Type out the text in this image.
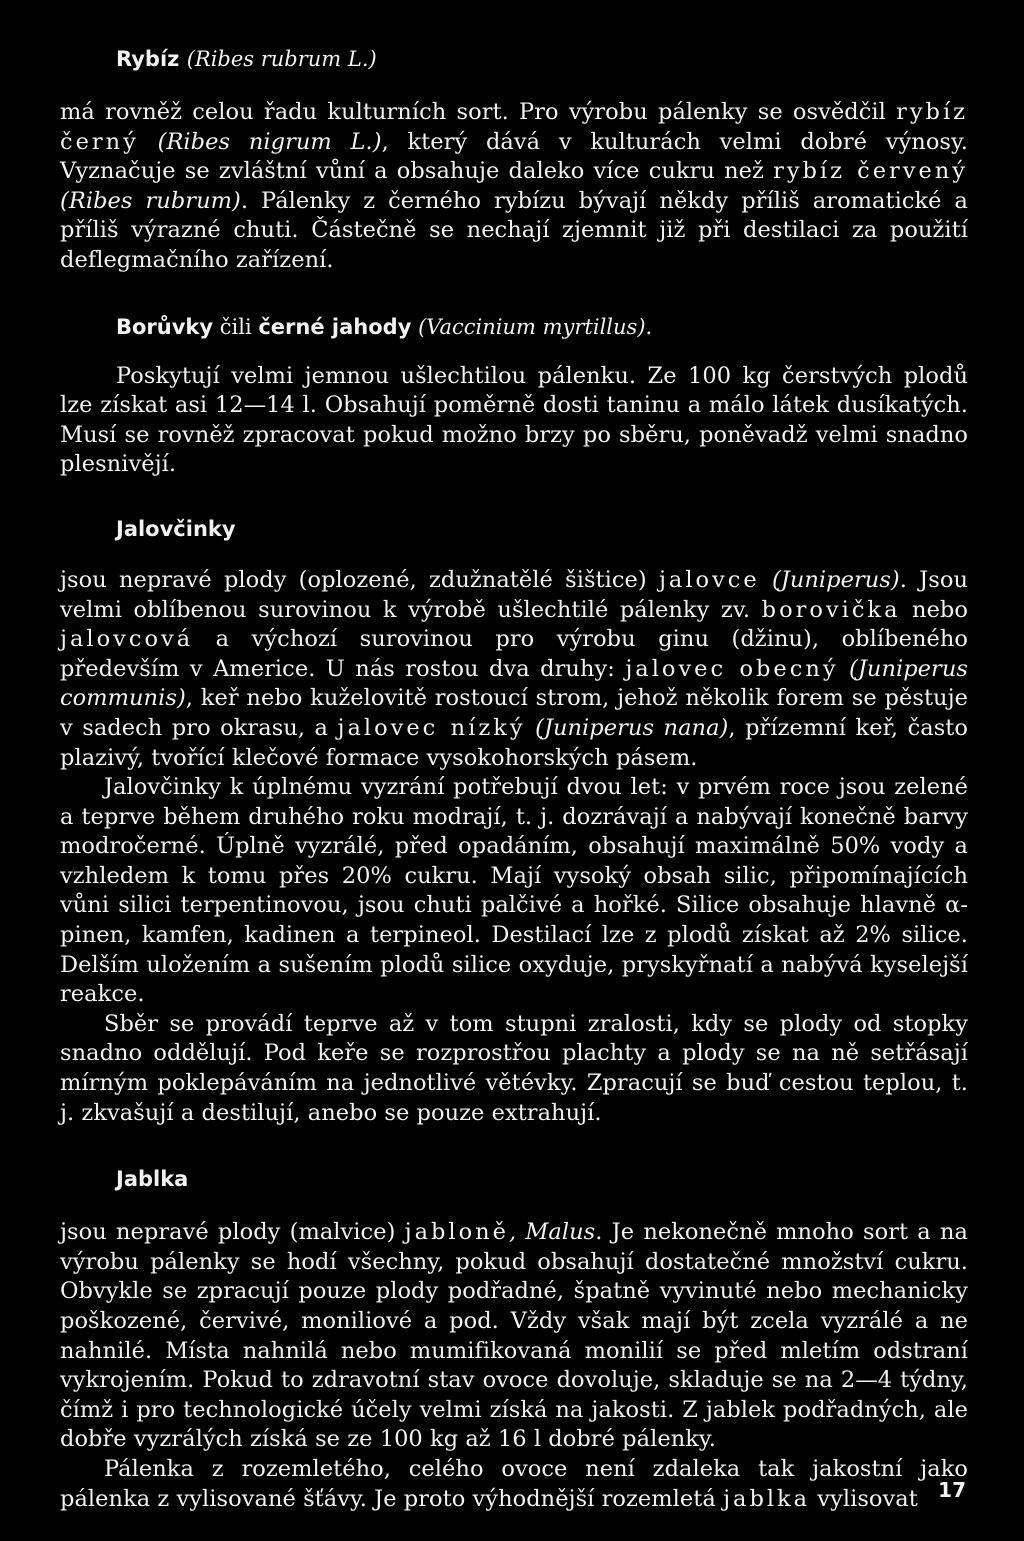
Rybíz (Ribes rubrum L.)

má rovněž celou řadu kulturních sort. Pro výrobu pálenky se osvědčil rybíz černý (Ribes nigrum L.), který dává v kulturách velmi dobré výnosy. Vyznačuje se zvláštní vůní a obsahuje daleko více cukru než rybíz červený (Ribes rubrum). Pálenky z černého rybízu bývají někdy příliš aromatické a příliš výrazné chuti. Částečně se nechají zjemnit již při destilaci za použití deflegmačního zařízení.

Borůvky čili černé jahody (Vaccinium myrtillus).

Poskytují velmi jemnou ušlechtilou pálenku. Ze 100 kg čerstvých plodů lze získat asi 12—14 l. Obsahují poměrně dosti taninu a málo látek dusíkatých. Musí se rovněž zpracovat pokud možno brzy po sběru, poněvadž velmi snadno plesnivějí.

Jalovčinky

jsou nepravé plody (oplozené, zdužnatělé šištice) jalovce (Juniperus). Jsou velmi oblíbenou surovinou k výrobě ušlechtilé pálenky zv. borovička nebo jalovcová a výchozí surovinou pro výrobu ginu (džinu), oblíbeného především v Americe. U nás rostou dva druhy: jalovec obecný (Juniperus communis), keř nebo kuželovitě rostoucí strom, jehož několik forem se pěstuje v sadech pro okrasu, a jalovec nízký (Juniperus nana), přízemní keř, často plazivý, tvořící klečové formace vysokohorských pásem.

Jalovčinky k úplnému vyzrání potřebují dvou let: v prvém roce jsou zelené a teprve během druhého roku modrají, t. j. dozrávají a nabývají konečně barvy modročerné. Úplně vyzrálé, před opadáním, obsahují maximálně 50% vody a vzhledem k tomu přes 20% cukru. Mají vysoký obsah silic, připomínajících vůni silici terpentinovou, jsou chuti palčivé a hořké. Silice obsahuje hlavně α-pinen, kamfen, kadinen a terpineol. Destilací lze z plodů získat až 2% silice. Delším uložením a sušením plodů silice oxyduje, pryskyřnatí a nabývá kyselejší reakce.

Sběr se provádí teprve až v tom stupni zralosti, kdy se plody od stopky snadno oddělují. Pod keře se rozprostřou plachty a plody se na ně setřásají mírným poklepáváním na jednotlivé větévky. Zpracují se buď cestou teplou, t. j. zkvašují a destilují, anebo se pouze extrahují.

Jablka

jsou nepravé plody (malvice) jabloně, Malus. Je nekonečně mnoho sort a na výrobu pálenky se hodí všechny, pokud obsahují dostatečné množství cukru. Obvykle se zpracují pouze plody podřadné, špatně vyvinuté nebo mechanicky poškozené, červivé, moniliové a pod. Vždy však mají být zcela vyzrálé a ne nahnilé. Místa nahnilá nebo mumifikovaná monilií se před mletím odstraní vykrojením. Pokud to zdravotní stav ovoce dovoluje, skladuje se na 2—4 týdny, čímž i pro technologické účely velmi získá na jakosti. Z jablek podřadných, ale dobře vyzrálých získá se ze 100 kg až 16 l dobré pálenky.

Pálenka z rozemletého, celého ovoce není zdaleka tak jakostní jako pálenka z vylisované šťávy. Je proto výhodnější rozemletá jablka vylisovat	17
